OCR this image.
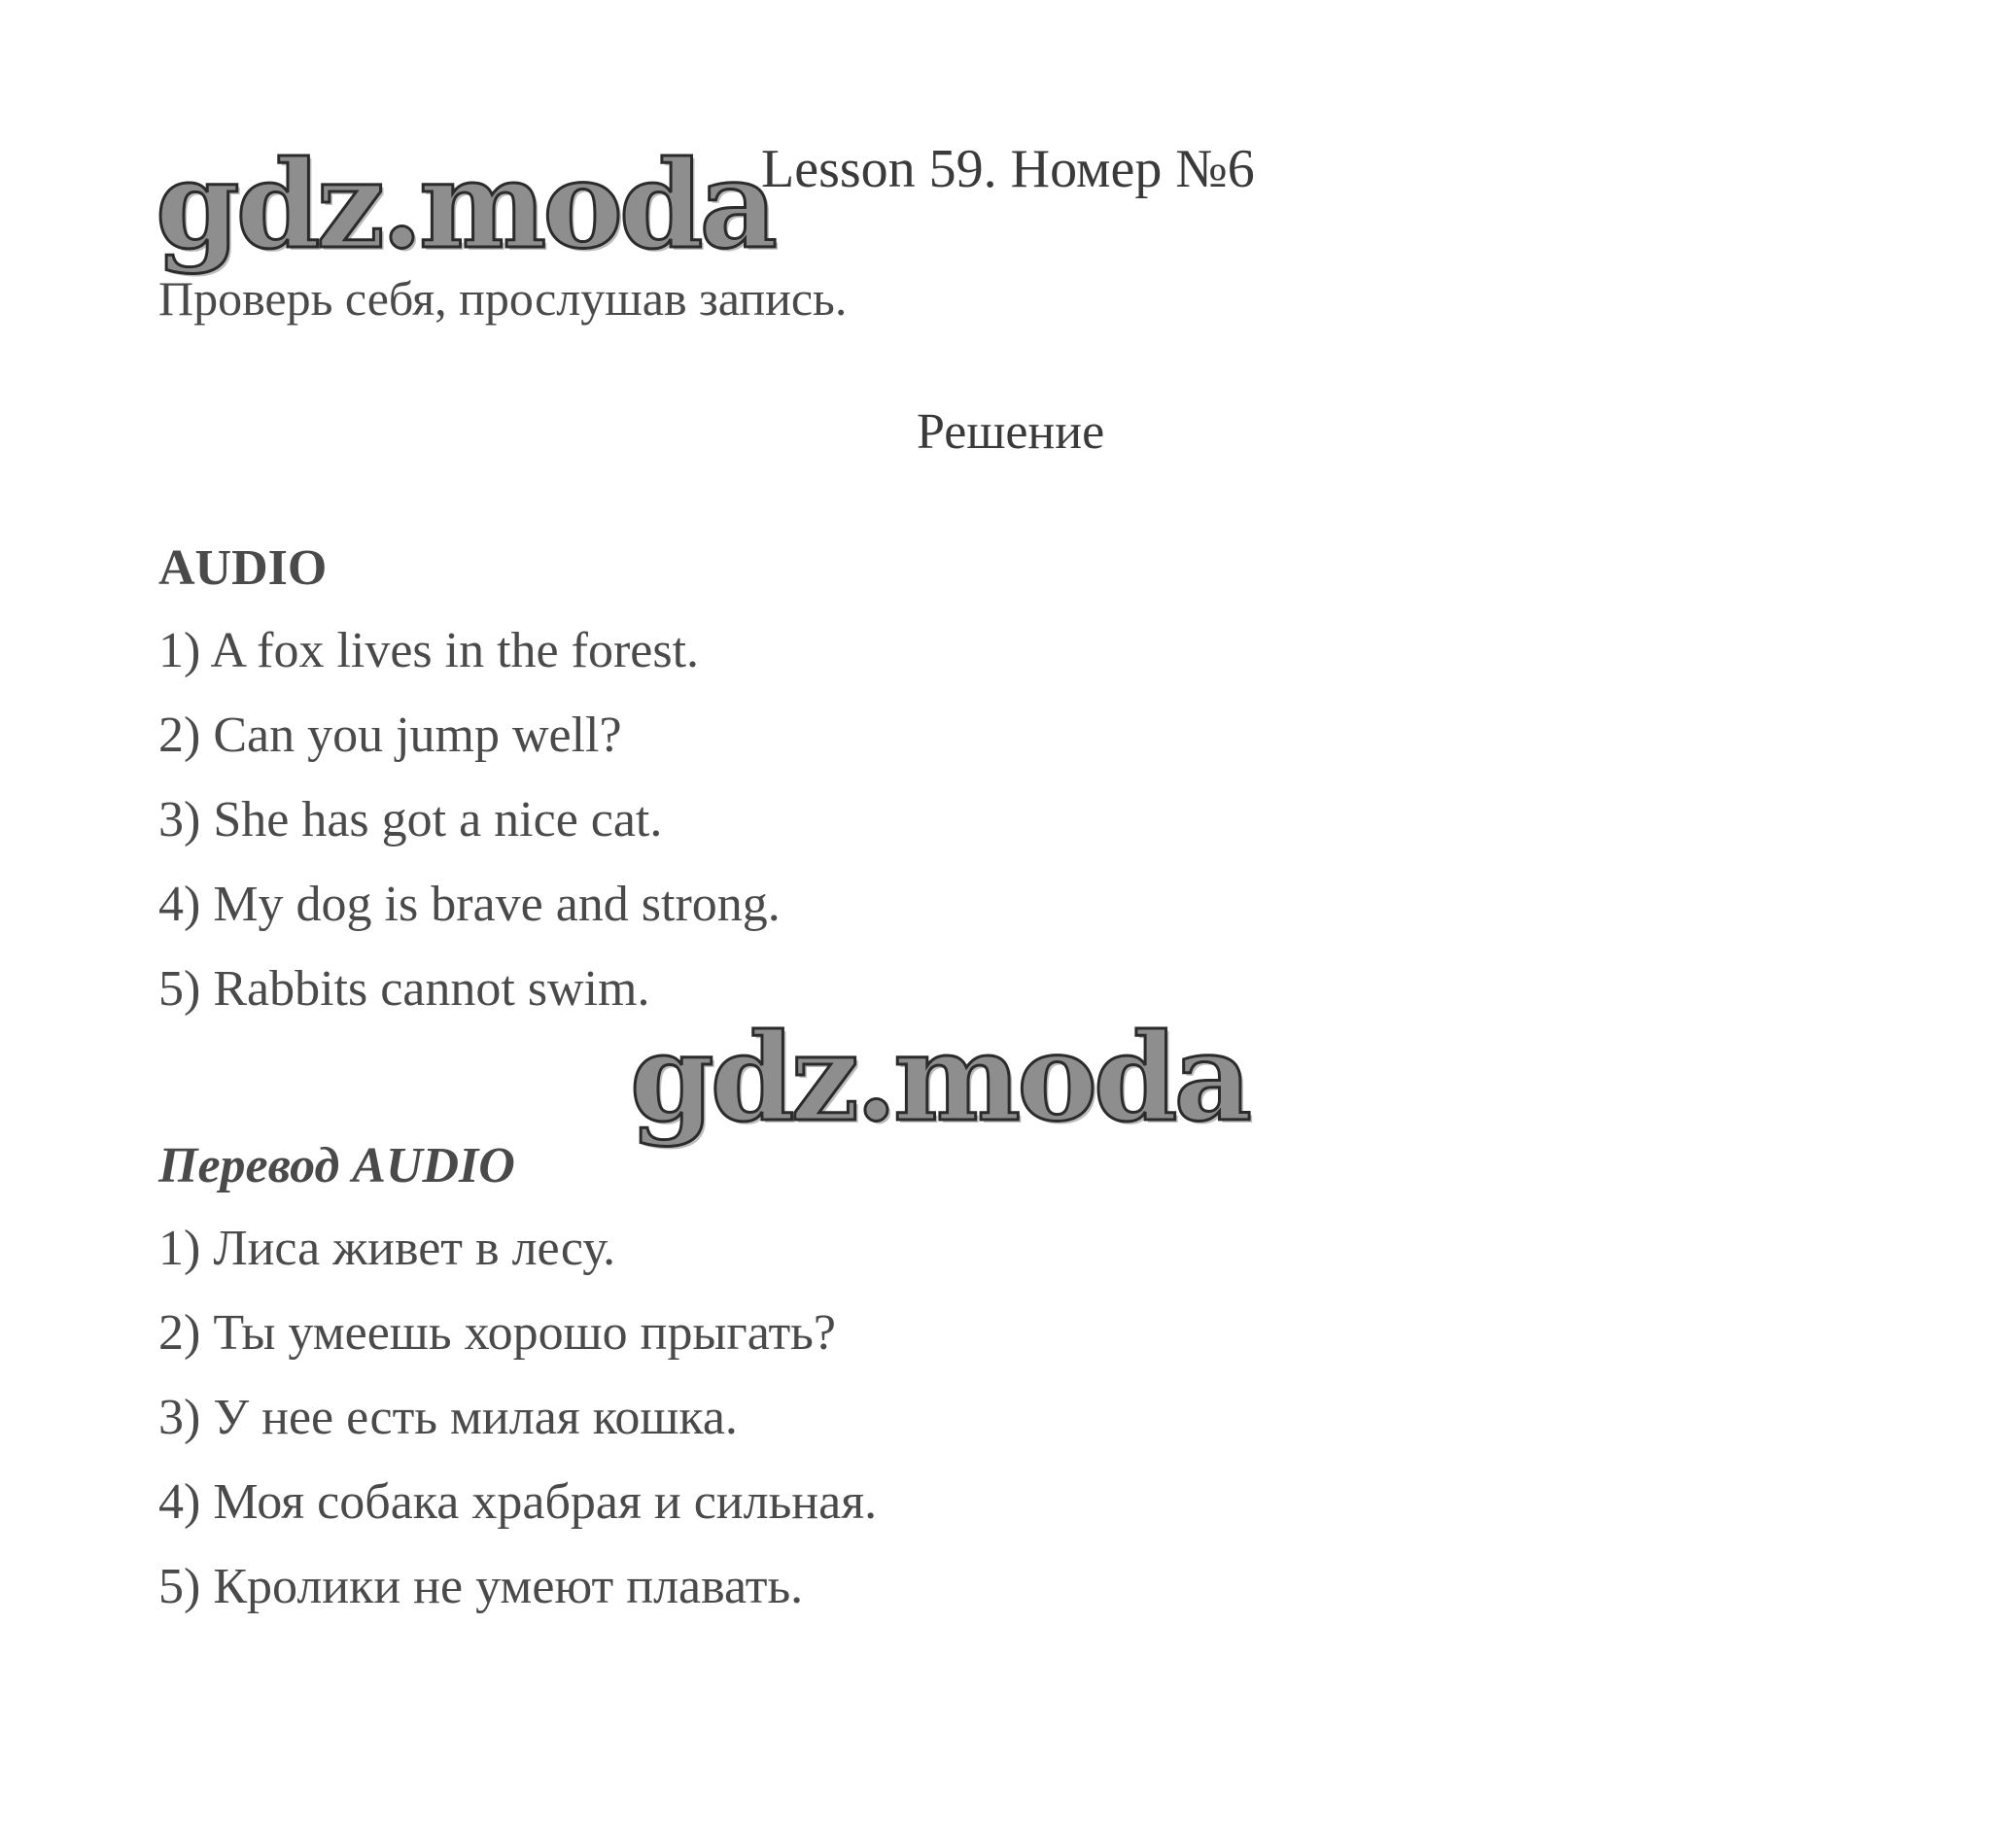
gdz.moda
Lesson 59. Номер №6
Проверь себя, прослушав запись.
Решение
AUDIO
1) A fox lives in the forest.
2) Can you jump well?
3) She has got a nice cat.
4) My dog is brave and strong.
5) Rabbits cannot swim.
gdz.moda
Перевод AUDIO
1) Лиса живет в лесу.
2) Ты умеешь хорошо прыгать?
3) У нее есть милая кошка.
4) Моя собака храбрая и сильная.
5) Кролики не умеют плавать.
